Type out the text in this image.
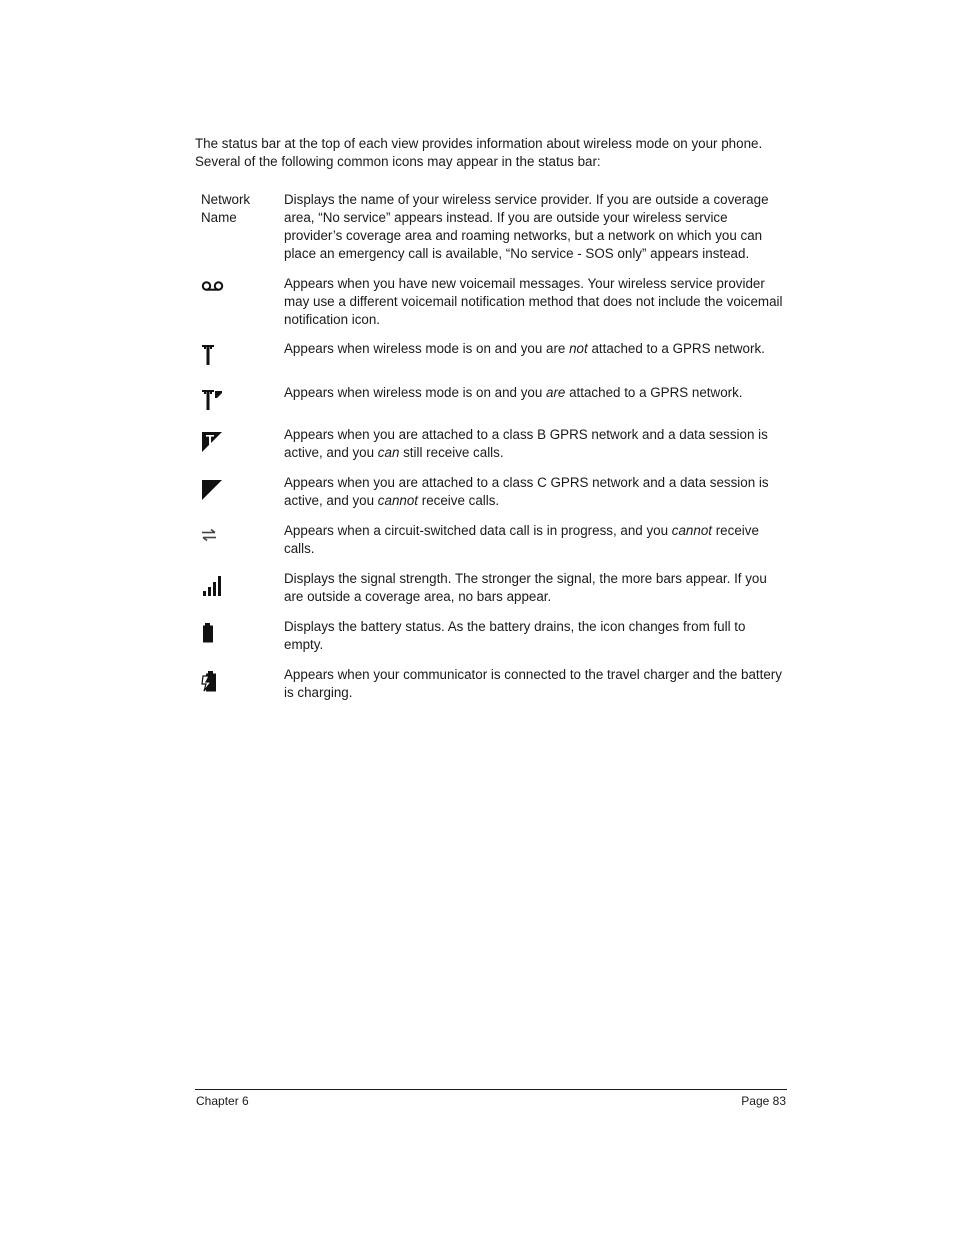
The status bar at the top of each view provides information about wireless mode on your phone.
Several of the following common icons may appear in the status bar:
Network Name
Displays the name of your wireless service provider. If you are outside a coverage area, “No service” appears instead. If you are outside your wireless service provider’s coverage area and roaming networks, but a network on which you can place an emergency call is available, “No service - SOS only” appears instead.
Appears when you have new voicemail messages. Your wireless service provider may use a different voicemail notification method that does not include the voicemail notification icon.
Appears when wireless mode is on and you are not attached to a GPRS network.
Appears when wireless mode is on and you are attached to a GPRS network.
Appears when you are attached to a class B GPRS network and a data session is active, and you can still receive calls.
Appears when you are attached to a class C GPRS network and a data session is active, and you cannot receive calls.
Appears when a circuit-switched data call is in progress, and you cannot receive calls.
Displays the signal strength. The stronger the signal, the more bars appear. If you are outside a coverage area, no bars appear.
Displays the battery status. As the battery drains, the icon changes from full to empty.
Appears when your communicator is connected to the travel charger and the battery is charging.
Chapter 6	Page 83
